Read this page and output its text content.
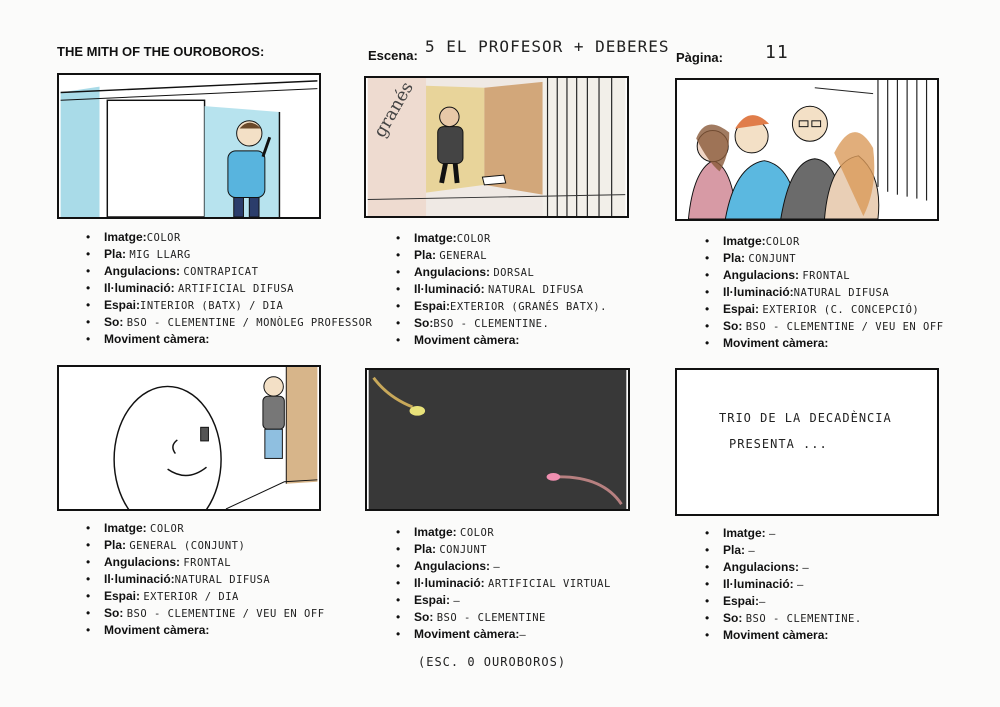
THE MITH OF THE OUROBOROS:	Escena: 5 EL PROFESOR + DEBERES
Pàgina: 11
granés
TRIO DE LA DECADÈNCIA
PRESENTA ...
• Imatge:COLOR
• Pla: MIG LLARG
• Angulacions: CONTRAPICAT
• Il·luminació: ARTIFICIAL DIFUSA
• Espai:INTERIOR (BATX) / DIA
• So: BSO - CLEMENTINE / MONÒLEG PROFESSOR
• Moviment càmera:
• Imatge:COLOR
• Pla: GENERAL
• Angulacions: DORSAL
• Il·luminació: NATURAL DIFUSA
• Espai:EXTERIOR (GRANÉS BATX).
• So:BSO - CLEMENTINE.
• Moviment càmera:
• Imatge:COLOR
• Pla: CONJUNT
• Angulacions: FRONTAL
• Il·luminació:NATURAL DIFUSA
• Espai: EXTERIOR (C. CONCEPCIÓ)
• So: BSO - CLEMENTINE / VEU EN OFF
• Moviment càmera:
• Imatge: COLOR
• Pla: GENERAL (CONJUNT)
• Angulacions: FRONTAL
• Il·luminació:NATURAL DIFUSA
• Espai: EXTERIOR / DIA
• So: BSO - CLEMENTINE / VEU EN OFF
• Moviment càmera:
• Imatge: COLOR
• Pla: CONJUNT
• Angulacions: —
• Il·luminació: ARTIFICIAL VIRTUAL
• Espai: —
• So: BSO - CLEMENTINE
• Moviment càmera:—
• Imatge: —
• Pla: —
• Angulacions: —
• Il·luminació: —
• Espai:—
• So: BSO - CLEMENTINE.
• Moviment càmera:
(ESC. 0 OUROBOROS)
